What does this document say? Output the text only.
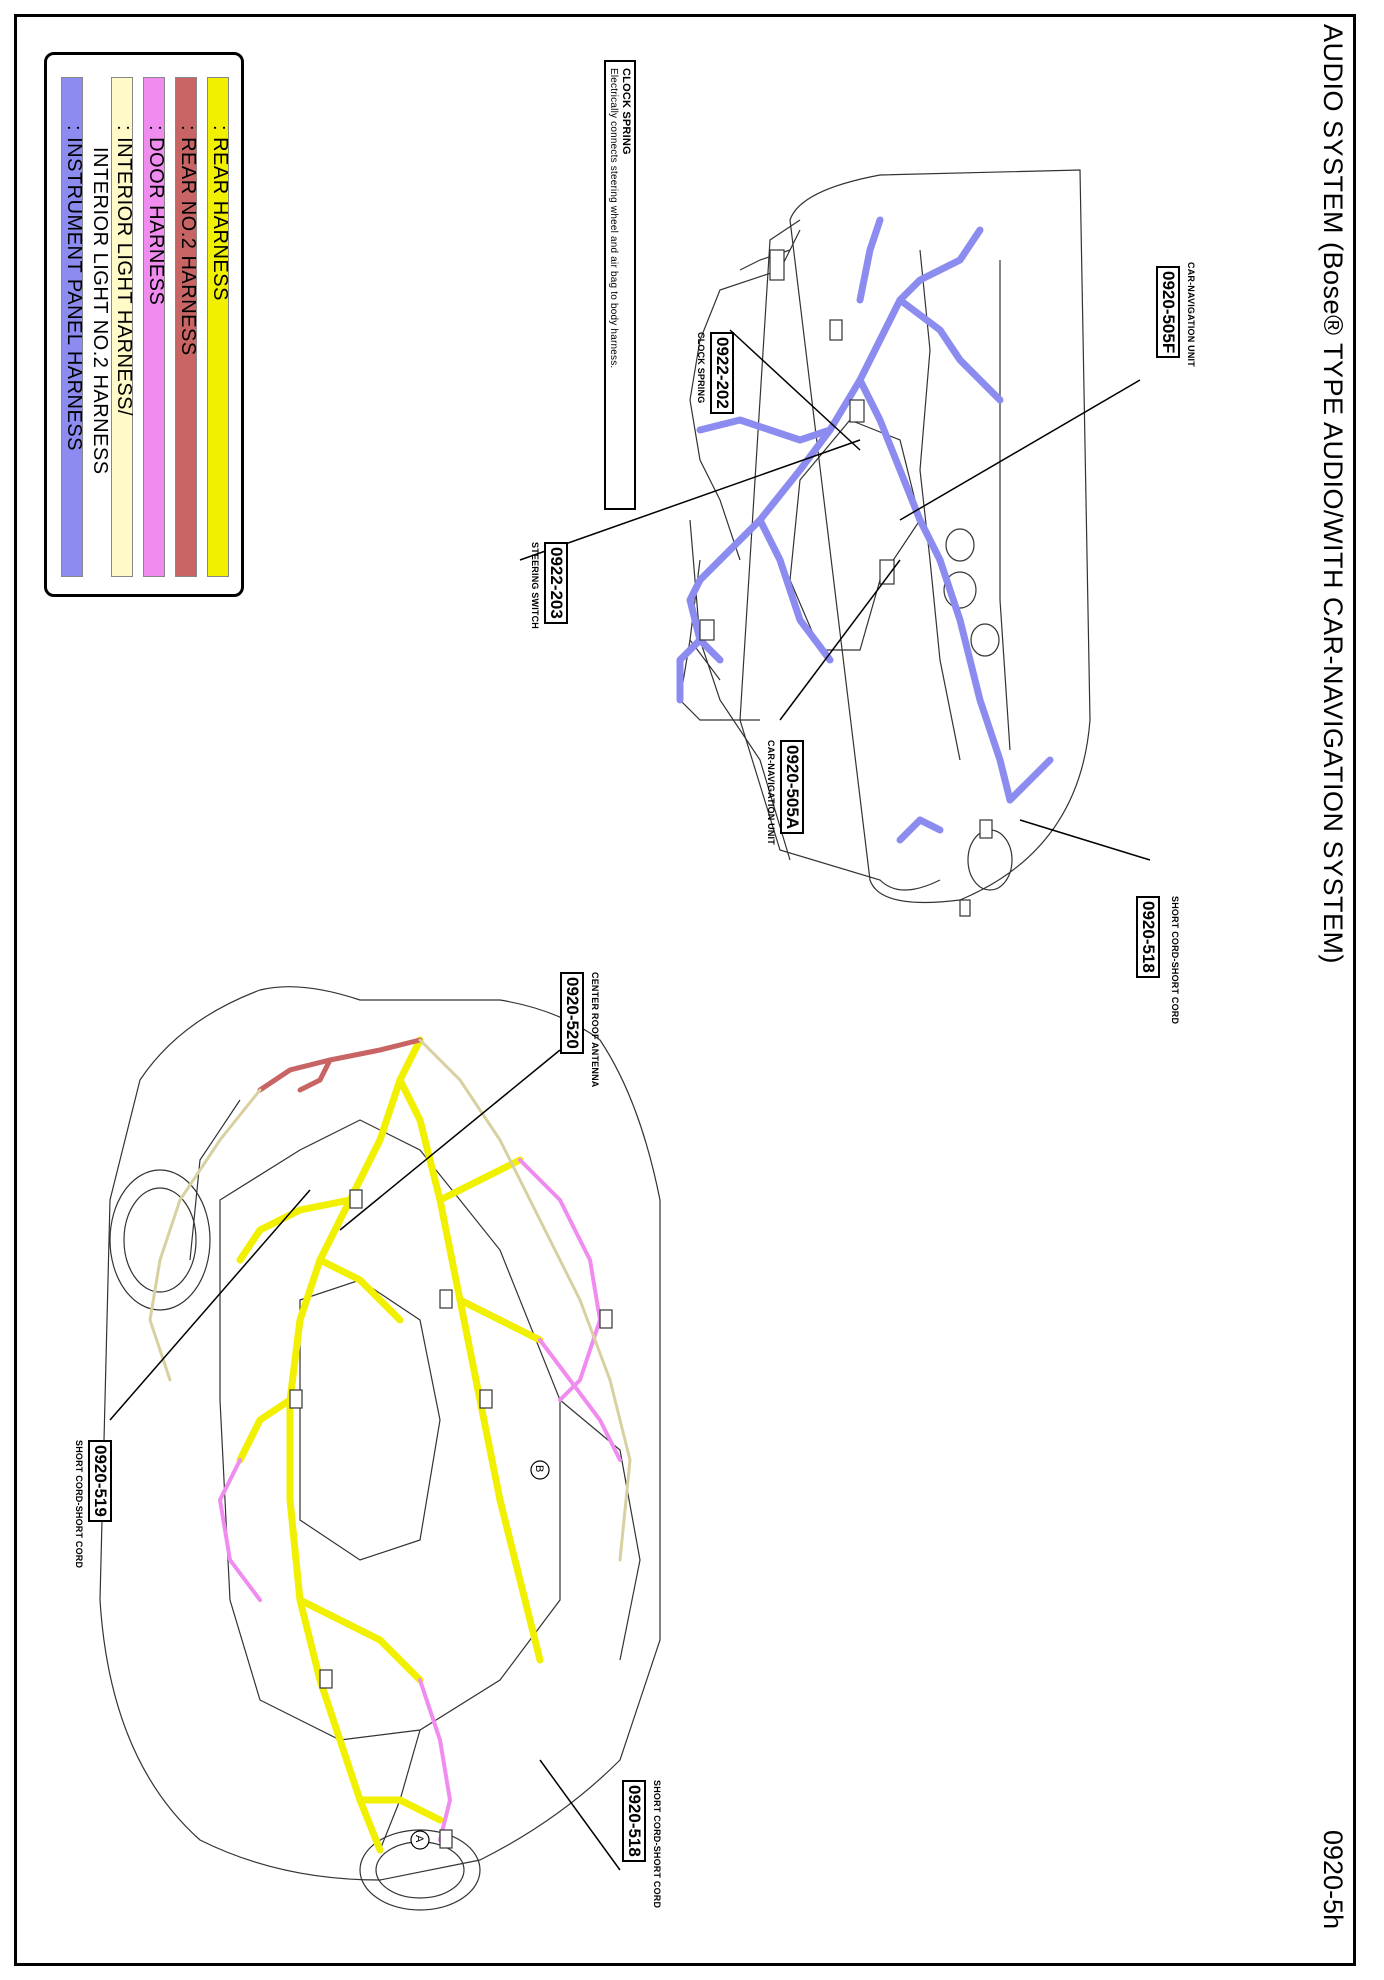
AUDIO SYSTEM (Bose® TYPE AUDIO/WITH CAR-NAVIGATION SYSTEM)
0920-5h
: REAR HARNESS
: REAR NO.2 HARNESS
: DOOR HARNESS
: INTERIOR LIGHT HARNESS/
INTERIOR LIGHT NO.2 HARNESS
: INSTRUMENT PANEL HARNESS
CLOCK SPRING
Electrically connects steering wheel and air bag to body harness.
A
B
0920-505F CAR-NAVIGATION UNIT
0922-202
CLOCK SPRING
0922-203
STEERING SWITCH
0920-505A
CAR-NAVIGATION UNIT
0920-518 SHORT CORD-SHORT CORD
0920-520 CENTER ROOF ANTENNA
0920-519
SHORT CORD-SHORT CORD
0920-518 SHORT CORD-SHORT CORD
